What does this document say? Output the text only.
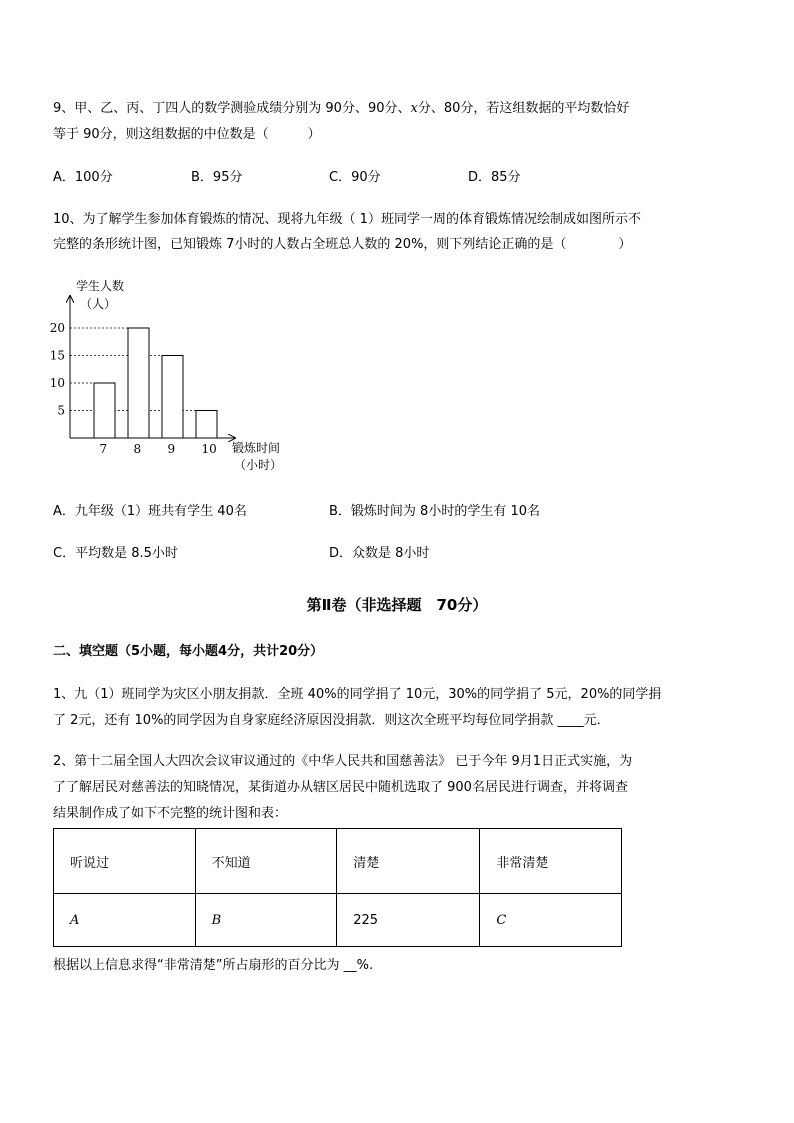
9、甲、乙、丙、丁四人的数学测验成绩分别为 90分、90分、x分、80分，若这组数据的平均数恰好
等于 90分，则这组数据的中位数是（　　　）
A．100分	B．95分	C．90分	D．85分
10、为了解学生参加体育锻炼的情况、现将九年级（ 1）班同学一周的体育锻炼情况绘制成如图所示不
完整的条形统计图，已知锻炼 7小时的人数占全班总人数的 20%，则下列结论正确的是（　　　　）
学生人数
（人）
5
10
15
20
7 8 9 10 锻炼时间
（小时）
A．九年级（1）班共有学生 40名	B．锻炼时间为 8小时的学生有 10名
C．平均数是 8.5小时	D．众数是 8小时
第Ⅱ卷（非选择题　70分）
二、填空题（5小题，每小题4分，共计20分）
1、九（1）班同学为灾区小朋友捐款．全班 40%的同学捐了 10元，30%的同学捐了 5元，20%的同学捐
了 2元，还有 10%的同学因为自身家庭经济原因没捐款．则这次全班平均每位同学捐款 ____元．
2、第十二届全国人大四次会议审议通过的《中华人民共和国慈善法》 已于今年 9月1日正式实施，为
了了解居民对慈善法的知晓情况，某街道办从辖区居民中随机选取了 900名居民进行调查，并将调查
结果制作成了如下不完整的统计图和表：
听说过	不知道	清楚	非常清楚
A	B	225	C
根据以上信息求得“非常清楚”所占扇形的百分比为 __%.
